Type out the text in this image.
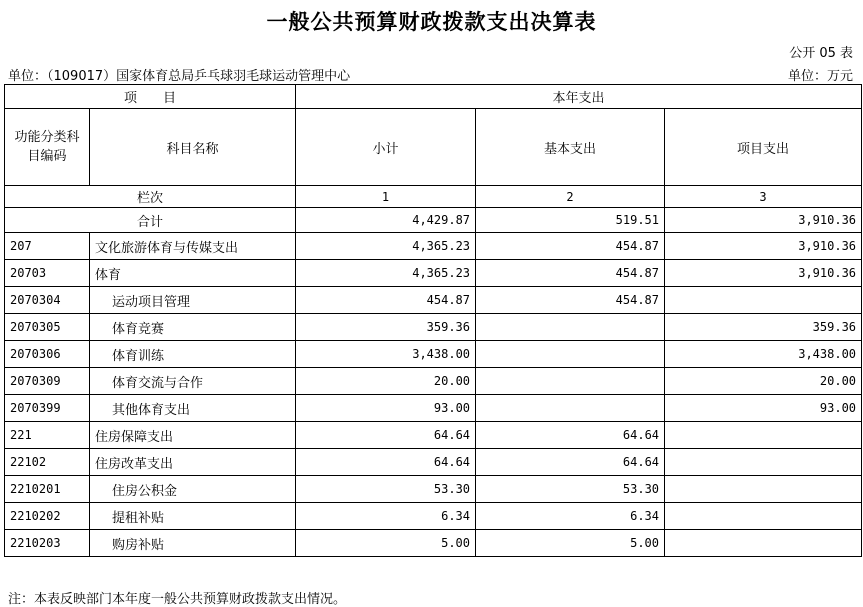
一般公共预算财政拨款支出决算表
公开 05 表
单位：（109017）国家体育总局乒乓球羽毛球运动管理中心	单位：万元
项　　目		本年支出		
功能分类科目编码	科目名称	小计	基本支出	项目支出
栏次		1	2	3
合计		4,429.87	519.51	3,910.36
207	文化旅游体育与传媒支出	4,365.23	454.87	3,910.36
20703	体育	4,365.23	454.87	3,910.36
2070304	运动项目管理	454.87	454.87	
2070305	体育竞赛	359.36		359.36
2070306	体育训练	3,438.00		3,438.00
2070309	体育交流与合作	20.00		20.00
2070399	其他体育支出	93.00		93.00
221	住房保障支出	64.64	64.64	
22102	住房改革支出	64.64	64.64	
2210201	住房公积金	53.30	53.30	
2210202	提租补贴	6.34	6.34	
2210203	购房补贴	5.00	5.00	
注：本表反映部门本年度一般公共预算财政拨款支出情况。
